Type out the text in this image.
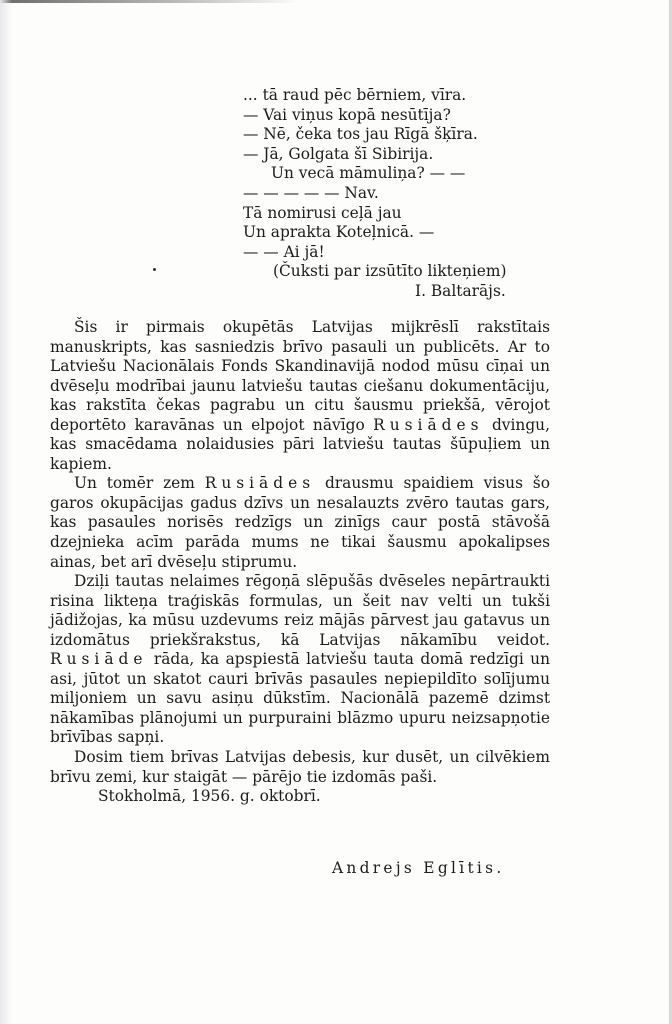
... tā raud pēc bērniem, vīra.
— Vai viņus kopā nesūtīja?
— Nē, čeka tos jau Rīgā šķīra.
— Jā, Golgata šī Sibirija.
Un vecā māmuliņa? — —
— — — — — Nav.
Tā nomirusi ceļā jau
Un aprakta Koteļnicā. —
— — Ai jā!
(Čuksti par izsūtīto likteņiem)
I. Baltarājs.

Šis ir pirmais okupētās Latvijas mijkrēslī rakstītais manuskripts, kas sasniedzis brīvo pasauli un publicēts. Ar to Latviešu Nacionālais Fonds Skandinavijā nodod mūsu cīņai un dvēseļu modrībai jaunu latviešu tautas ciešanu dokumentāciju, kas rakstīta čekas pagrabu un citu šausmu priekšā, vērojot deportēto karavānas un elpojot nāvīgo Rusiādes dvingu, kas smacēdama nolaidusies pāri latviešu tautas šūpuļiem un kapiem.

Un tomēr zem Rusiādes drausmu spaidiem visus šo garos okupācijas gadus dzīvs un nesalauzts zvēro tautas gars, kas pasaules norisēs redzīgs un zinīgs caur postā stāvošā dzejnieka acīm parāda mums ne tikai šausmu apokalipses ainas, bet arī dvēseļu stiprumu.

Dziļi tautas nelaimes rēgoņā slēpušās dvēseles nepārtraukti risina likteņa traģiskās formulas, un šeit nav velti un tukši jādižojas, ka mūsu uzdevums reiz mājās pārvest jau gatavus un izdomātus priekšrakstus, kā Latvijas nākamību veidot. Rusiāde rāda, ka apspiestā latviešu tauta domā redzīgi un asi, jūtot un skatot cauri brīvās pasaules nepiepildīto solījumu miljoniem un savu asiņu dūkstīm. Nacionālā pazemē dzimst nākamības plānojumi un purpuraini blāzmo upuru neizsapņotie brīvības sapņi.

Dosim tiem brīvas Latvijas debesis, kur dusēt, un cilvēkiem brīvu zemi, kur staigāt — pārējo tie izdomās paši.

Stokholmā, 1956. g. oktobrī.

Andrejs Eglītis.
